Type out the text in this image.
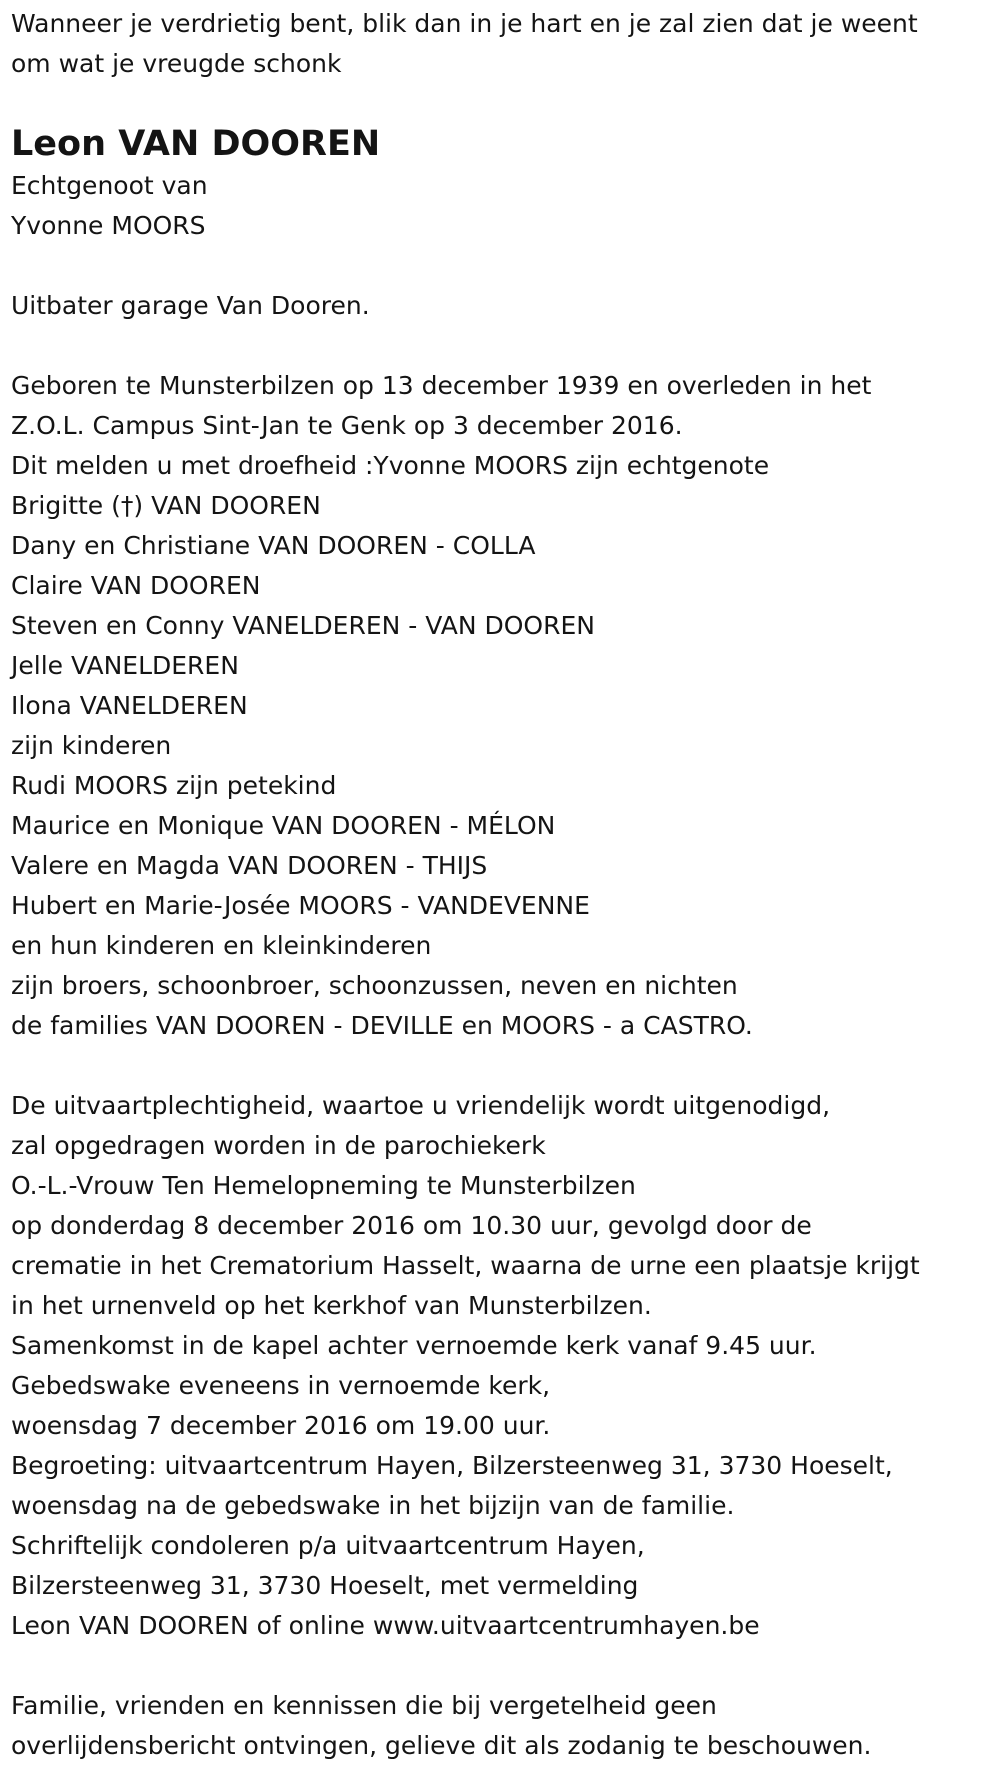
Wanneer je verdrietig bent, blik dan in je hart en je zal zien dat je weent

om wat je vreugde schonk

Leon VAN DOOREN

Echtgenoot van

Yvonne MOORS

Uitbater garage Van Dooren.

Geboren te Munsterbilzen op 13 december 1939 en overleden in het

Z.O.L. Campus Sint-Jan te Genk op 3 december 2016.

Dit melden u met droefheid :Yvonne MOORS zijn echtgenote

Brigitte (†) VAN DOOREN

Dany en Christiane VAN DOOREN - COLLA

Claire VAN DOOREN

Steven en Conny VANELDEREN - VAN DOOREN

Jelle VANELDEREN

Ilona VANELDEREN

zijn kinderen

Rudi MOORS zijn petekind

Maurice en Monique VAN DOOREN - MÉLON

Valere en Magda VAN DOOREN - THIJS

Hubert en Marie-Josée MOORS - VANDEVENNE

en hun kinderen en kleinkinderen

zijn broers, schoonbroer, schoonzussen, neven en nichten

de families VAN DOOREN - DEVILLE en MOORS - a CASTRO.

De uitvaartplechtigheid, waartoe u vriendelijk wordt uitgenodigd,

zal opgedragen worden in de parochiekerk

O.-L.-Vrouw Ten Hemelopneming te Munsterbilzen

op donderdag 8 december 2016 om 10.30 uur, gevolgd door de

crematie in het Crematorium Hasselt, waarna de urne een plaatsje krijgt

in het urnenveld op het kerkhof van Munsterbilzen.

Samenkomst in de kapel achter vernoemde kerk vanaf 9.45 uur.

Gebedswake eveneens in vernoemde kerk,

woensdag 7 december 2016 om 19.00 uur.

Begroeting: uitvaartcentrum Hayen, Bilzersteenweg 31, 3730 Hoeselt,

woensdag na de gebedswake in het bijzijn van de familie.

Schriftelijk condoleren p/a uitvaartcentrum Hayen,

Bilzersteenweg 31, 3730 Hoeselt, met vermelding

Leon VAN DOOREN of online www.uitvaartcentrumhayen.be

Familie, vrienden en kennissen die bij vergetelheid geen

overlijdensbericht ontvingen, gelieve dit als zodanig te beschouwen.
